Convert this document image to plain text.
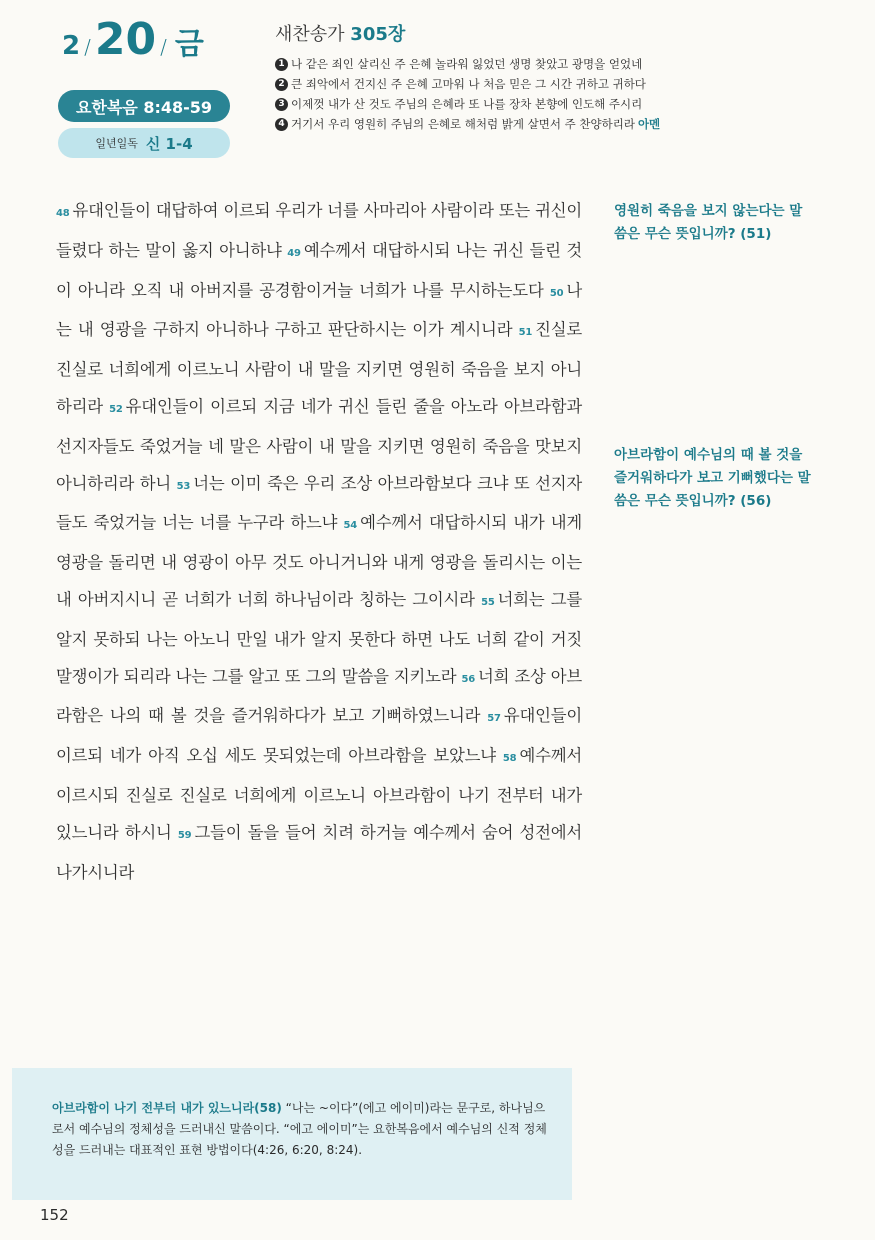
2 / 20 / 금
요한복음 8:48-59
일년일독 신 1-4
새찬송가 305장
1 나 같은 죄인 살리신 주 은혜 놀라워 잃었던 생명 찾았고 광명을 얻었네
2 큰 죄악에서 건지신 주 은혜 고마워 나 처음 믿은 그 시간 귀하고 귀하다
3 이제껏 내가 산 것도 주님의 은혜라 또 나를 장차 본향에 인도해 주시리
4 거기서 우리 영원히 주님의 은혜로 해처럼 밝게 살면서 주 찬양하리라 아멘
48 유대인들이 대답하여 이르되 우리가 너를 사마리아 사람이라 또는 귀신이 들렸다 하는 말이 옳지 아니하냐 49 예수께서 대답하시되 나는 귀신 들린 것이 아니라 오직 내 아버지를 공경함이거늘 너희가 나를 무시하는도다 50 나는 내 영광을 구하지 아니하나 구하고 판단하시는 이가 계시니라 51 진실로 진실로 너희에게 이르노니 사람이 내 말을 지키면 영원히 죽음을 보지 아니하리라 52 유대인들이 이르되 지금 네가 귀신 들린 줄을 아노라 아브라함과 선지자들도 죽었거늘 네 말은 사람이 내 말을 지키면 영원히 죽음을 맛보지 아니하리라 하니 53 너는 이미 죽은 우리 조상 아브라함보다 크냐 또 선지자들도 죽었거늘 너는 너를 누구라 하느냐 54 예수께서 대답하시되 내가 내게 영광을 돌리면 내 영광이 아무 것도 아니거니와 내게 영광을 돌리시는 이는 내 아버지시니 곧 너희가 너희 하나님이라 칭하는 그이시라 55 너희는 그를 알지 못하되 나는 아노니 만일 내가 알지 못한다 하면 나도 너희 같이 거짓말쟁이가 되리라 나는 그를 알고 또 그의 말씀을 지키노라 56 너희 조상 아브라함은 나의 때 볼 것을 즐거워하다가 보고 기뻐하였느니라 57 유대인들이 이르되 네가 아직 오십 세도 못되었는데 아브라함을 보았느냐 58 예수께서 이르시되 진실로 진실로 너희에게 이르노니 아브라함이 나기 전부터 내가 있느니라 하시니 59 그들이 돌을 들어 치려 하거늘 예수께서 숨어 성전에서 나가시니라
영원히 죽음을 보지 않는다는 말씀은 무슨 뜻입니까? (51)
아브라함이 예수님의 때 볼 것을 즐거워하다가 보고 기뻐했다는 말씀은 무슨 뜻입니까? (56)
아브라함이 나기 전부터 내가 있느니라(58) “나는 ~이다”(에고 에이미)라는 문구로, 하나님으로서 예수님의 정체성을 드러내신 말씀이다. “에고 에이미”는 요한복음에서 예수님의 신적 정체성을 드러내는 대표적인 표현 방법이다(4:26, 6:20, 8:24).
152
